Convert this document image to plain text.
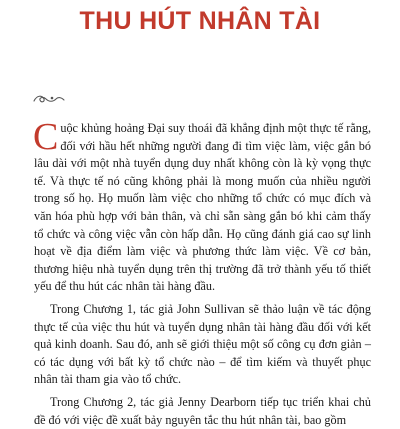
THU HÚT NHÂN TÀI

Cuộc khủng hoảng Đại suy thoái đã khẳng định một thực tế rằng, đối với hầu hết những người đang đi tìm việc làm, việc gắn bó lâu dài với một nhà tuyển dụng duy nhất không còn là kỳ vọng thực tế. Và thực tế nó cũng không phải là mong muốn của nhiều người trong số họ. Họ muốn làm việc cho những tổ chức có mục đích và văn hóa phù hợp với bản thân, và chỉ sẵn sàng gắn bó khi cảm thấy tổ chức và công việc vẫn còn hấp dẫn. Họ cũng đánh giá cao sự linh hoạt về địa điểm làm việc và phương thức làm việc. Về cơ bản, thương hiệu nhà tuyển dụng trên thị trường đã trở thành yếu tố thiết yếu để thu hút các nhân tài hàng đầu.

Trong Chương 1, tác giả John Sullivan sẽ thảo luận về tác động thực tế của việc thu hút và tuyển dụng nhân tài hàng đầu đối với kết quả kinh doanh. Sau đó, anh sẽ giới thiệu một số công cụ đơn giản – có tác dụng với bất kỳ tổ chức nào – để tìm kiếm và thuyết phục nhân tài tham gia vào tổ chức.

Trong Chương 2, tác giả Jenny Dearborn tiếp tục triển khai chủ đề đó với việc đề xuất bảy nguyên tắc thu hút nhân tài, bao gồm
